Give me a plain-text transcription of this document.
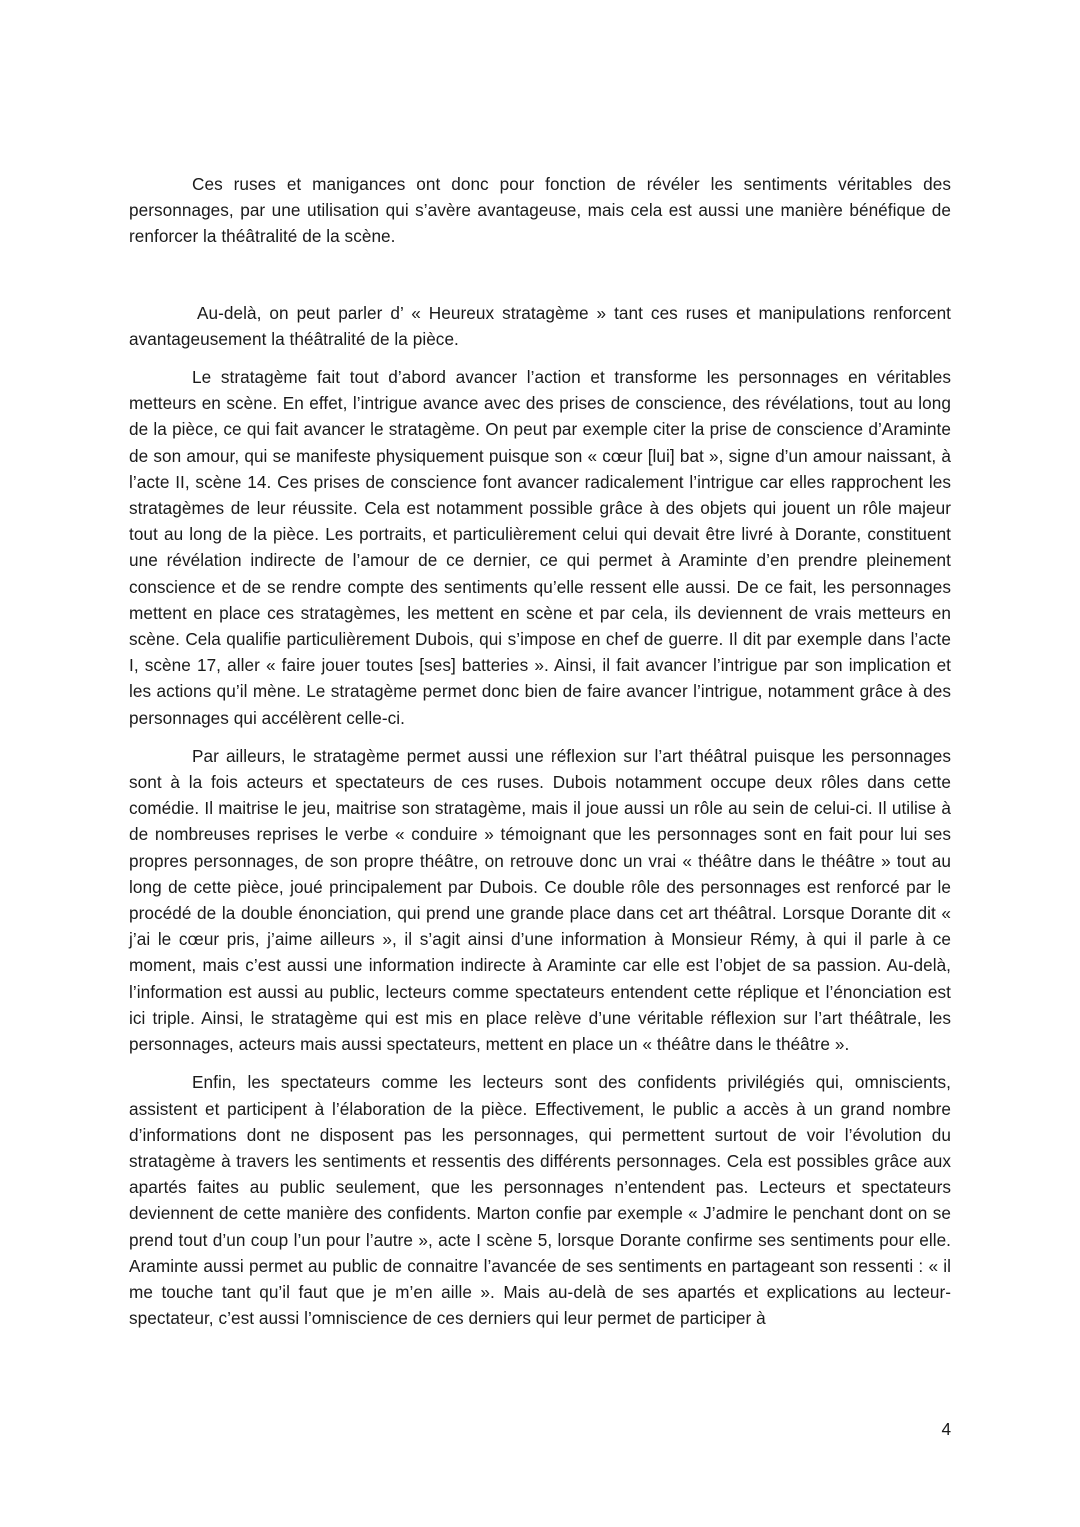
Ces ruses et manigances ont donc pour fonction de révéler les sentiments véritables des personnages, par une utilisation qui s’avère avantageuse, mais cela est aussi une manière bénéfique de renforcer la théâtralité de la scène.

Au-delà, on peut parler d’ « Heureux stratagème » tant ces ruses et manipulations renforcent avantageusement la théâtralité de la pièce.

Le stratagème fait tout d’abord avancer l’action et transforme les personnages en véritables metteurs en scène. En effet, l’intrigue avance avec des prises de conscience, des révélations, tout au long de la pièce, ce qui fait avancer le stratagème. On peut par exemple citer la prise de conscience d’Araminte de son amour, qui se manifeste physiquement puisque son « cœur [lui] bat », signe d’un amour naissant, à l’acte II, scène 14. Ces prises de conscience font avancer radicalement l’intrigue car elles rapprochent les stratagèmes de leur réussite. Cela est notamment possible grâce à des objets qui jouent un rôle majeur tout au long de la pièce. Les portraits, et particulièrement celui qui devait être livré à Dorante, constituent une révélation indirecte de l’amour de ce dernier, ce qui permet à Araminte d’en prendre pleinement conscience et de se rendre compte des sentiments qu’elle ressent elle aussi. De ce fait, les personnages mettent en place ces stratagèmes, les mettent en scène et par cela, ils deviennent de vrais metteurs en scène. Cela qualifie particulièrement Dubois, qui s’impose en chef de guerre. Il dit par exemple dans l’acte I, scène 17, aller « faire jouer toutes [ses] batteries ». Ainsi, il fait avancer l’intrigue par son implication et les actions qu’il mène. Le stratagème permet donc bien de faire avancer l’intrigue, notamment grâce à des personnages qui accélèrent celle-ci.

Par ailleurs, le stratagème permet aussi une réflexion sur l’art théâtral puisque les personnages sont à la fois acteurs et spectateurs de ces ruses. Dubois notamment occupe deux rôles dans cette comédie. Il maitrise le jeu, maitrise son stratagème, mais il joue aussi un rôle au sein de celui-ci. Il utilise à de nombreuses reprises le verbe « conduire » témoignant que les personnages sont en fait pour lui ses propres personnages, de son propre théâtre, on retrouve donc un vrai « théâtre dans le théâtre » tout au long de cette pièce, joué principalement par Dubois. Ce double rôle des personnages est renforcé par le procédé de la double énonciation, qui prend une grande place dans cet art théâtral. Lorsque Dorante dit « j’ai le cœur pris, j’aime ailleurs », il s’agit ainsi d’une information à Monsieur Rémy, à qui il parle à ce moment, mais c’est aussi une information indirecte à Araminte car elle est l’objet de sa passion. Au-delà, l’information est aussi au public, lecteurs comme spectateurs entendent cette réplique et l’énonciation est ici triple. Ainsi, le stratagème qui est mis en place relève d’une véritable réflexion sur l’art théâtrale, les personnages, acteurs mais aussi spectateurs, mettent en place un « théâtre dans le théâtre ».

Enfin, les spectateurs comme les lecteurs sont des confidents privilégiés qui, omniscients, assistent et participent à l’élaboration de la pièce. Effectivement, le public a accès à un grand nombre d’informations dont ne disposent pas les personnages, qui permettent surtout de voir l’évolution du stratagème à travers les sentiments et ressentis des différents personnages. Cela est possibles grâce aux apartés faites au public seulement, que les personnages n’entendent pas. Lecteurs et spectateurs deviennent de cette manière des confidents. Marton confie par exemple « J’admire le penchant dont on se prend tout d’un coup l’un pour l’autre », acte I scène 5, lorsque Dorante confirme ses sentiments pour elle. Araminte aussi permet au public de connaitre l’avancée de ses sentiments en partageant son ressenti : « il me touche tant qu’il faut que je m’en aille ». Mais au-delà de ses apartés et explications au lecteur-spectateur, c’est aussi l’omniscience de ces derniers qui leur permet de participer à

4
